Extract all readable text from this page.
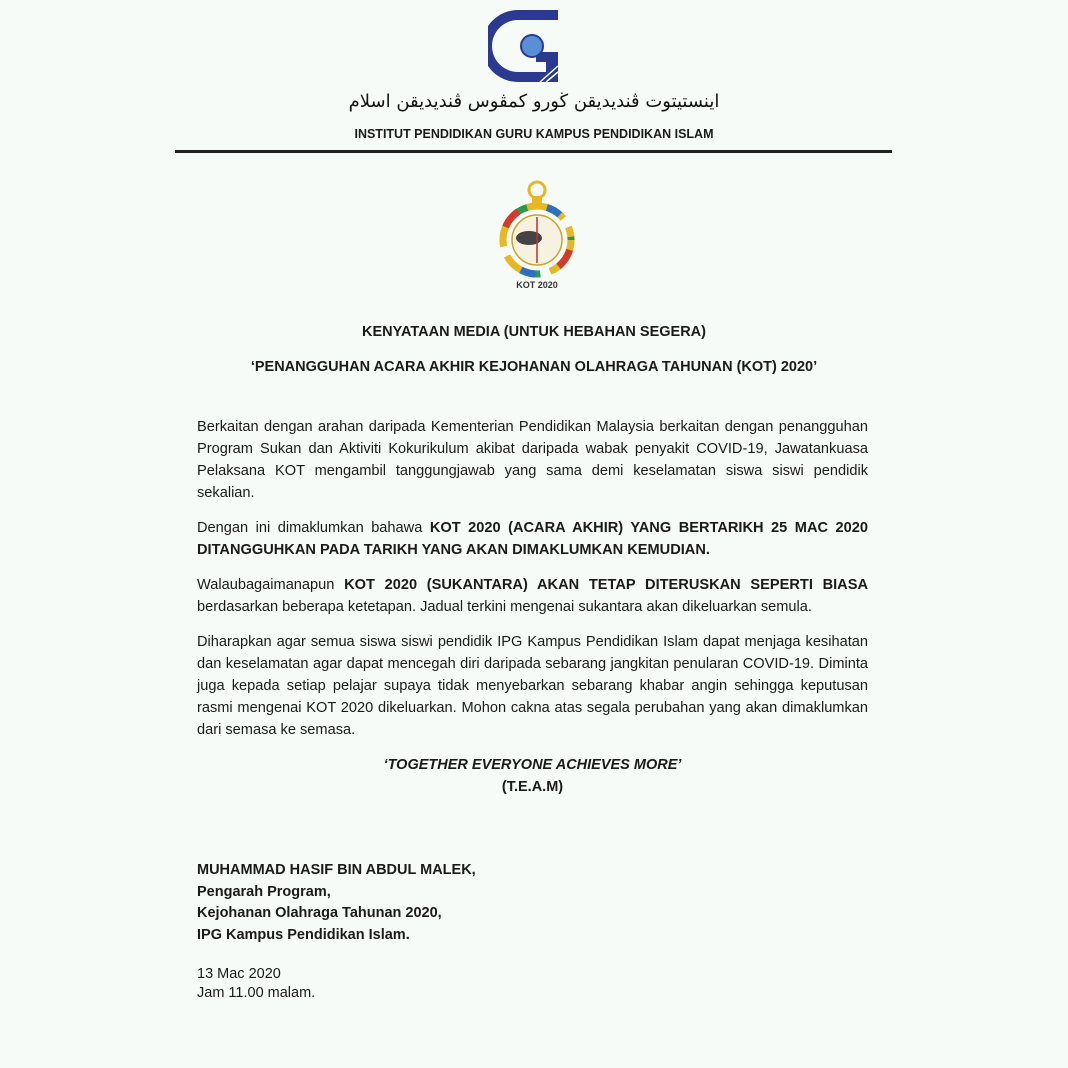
اينستيتوت ڤنديديقن ڬورو كمڤوس ڤنديديقن اسلام
INSTITUT PENDIDIKAN GURU KAMPUS PENDIDIKAN ISLAM
KOT 2020
KENYATAAN MEDIA (UNTUK HEBAHAN SEGERA)
‘PENANGGUHAN ACARA AKHIR KEJOHANAN OLAHRAGA TAHUNAN (KOT) 2020’

Berkaitan dengan arahan daripada Kementerian Pendidikan Malaysia berkaitan dengan penangguhan Program Sukan dan Aktiviti Kokurikulum akibat daripada wabak penyakit COVID-19, Jawatankuasa Pelaksana KOT mengambil tanggungjawab yang sama demi keselamatan siswa siswi pendidik sekalian.

Dengan ini dimaklumkan bahawa KOT 2020 (ACARA AKHIR) YANG BERTARIKH 25 MAC 2020 DITANGGUHKAN PADA TARIKH YANG AKAN DIMAKLUMKAN KEMUDIAN.

Walaubagaimanapun KOT 2020 (SUKANTARA) AKAN TETAP DITERUSKAN SEPERTI BIASA berdasarkan beberapa ketetapan. Jadual terkini mengenai sukantara akan dikeluarkan semula.

Diharapkan agar semua siswa siswi pendidik IPG Kampus Pendidikan Islam dapat menjaga kesihatan dan keselamatan agar dapat mencegah diri daripada sebarang jangkitan penularan COVID-19. Diminta juga kepada setiap pelajar supaya tidak menyebarkan sebarang khabar angin sehingga keputusan rasmi mengenai KOT 2020 dikeluarkan. Mohon cakna atas segala perubahan yang akan dimaklumkan dari semasa ke semasa.

‘TOGETHER EVERYONE ACHIEVES MORE’
(T.E.A.M)
MUHAMMAD HASIF BIN ABDUL MALEK,
Pengarah Program,
Kejohanan Olahraga Tahunan 2020,
IPG Kampus Pendidikan Islam.
13 Mac 2020
Jam 11.00 malam.
